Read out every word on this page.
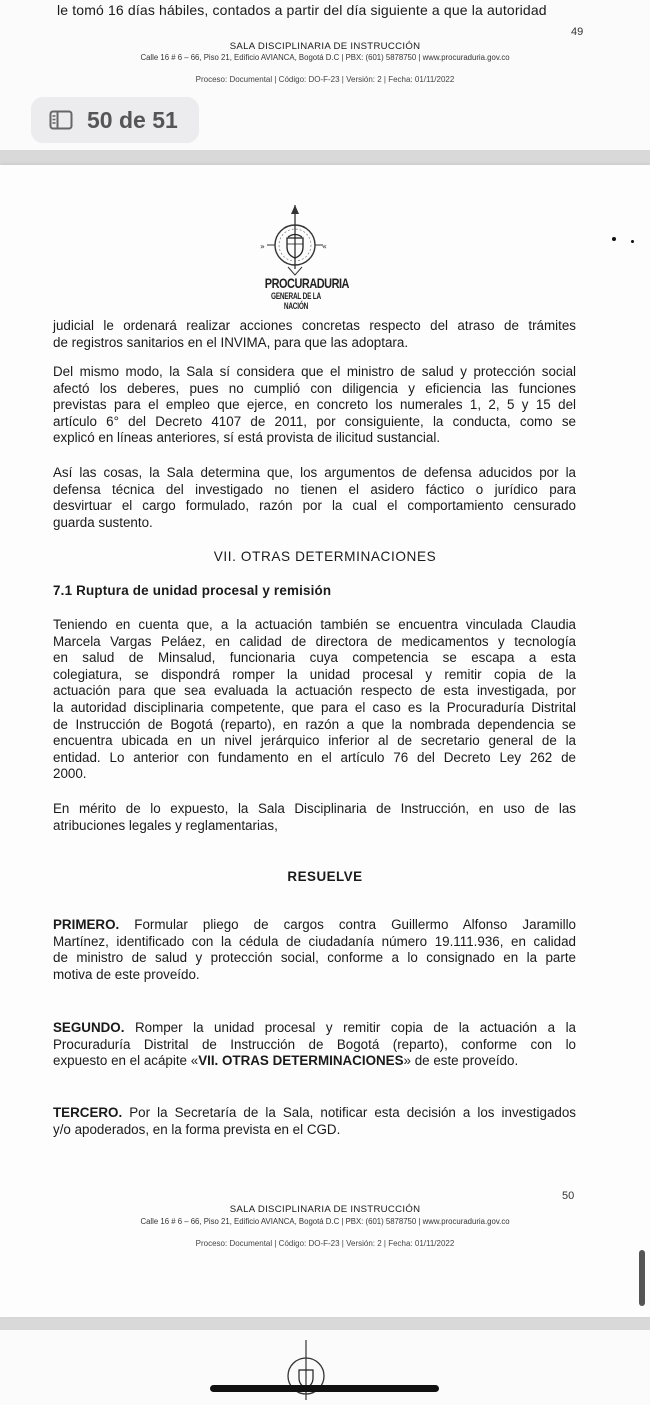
le tomó 16 días hábiles, contados a partir del día siguiente a que la autoridad
49
SALA DISCIPLINARIA DE INSTRUCCIÓN
Calle 16 # 6 – 66, Piso 21, Edificio AVIANCA, Bogotá D.C | PBX: (601) 5878750 | www.procuraduria.gov.co
Proceso: Documental | Código: DO-F-23 | Versión: 2 | Fecha: 01/11/2022
50 de 51
»	«
PROCURADURIA
GENERAL DE LA NACIÓN
judicial le ordenará realizar acciones concretas respecto del atraso de trámites
de registros sanitarios en el INVIMA, para que las adoptara.
Del mismo modo, la Sala sí considera que el ministro de salud y protección social
afectó los deberes, pues no cumplió con diligencia y eficiencia las funciones
previstas para el empleo que ejerce, en concreto los numerales 1, 2, 5 y 15 del
artículo 6° del Decreto 4107 de 2011, por consiguiente, la conducta, como se
explicó en líneas anteriores, sí está provista de ilicitud sustancial.
Así las cosas, la Sala determina que, los argumentos de defensa aducidos por la
defensa técnica del investigado no tienen el asidero fáctico o jurídico para
desvirtuar el cargo formulado, razón por la cual el comportamiento censurado
guarda sustento.
VII. OTRAS DETERMINACIONES
7.1 Ruptura de unidad procesal y remisión
Teniendo en cuenta que, a la actuación también se encuentra vinculada Claudia
Marcela Vargas Peláez, en calidad de directora de medicamentos y tecnología
en salud de Minsalud, funcionaria cuya competencia se escapa a esta
colegiatura, se dispondrá romper la unidad procesal y remitir copia de la
actuación para que sea evaluada la actuación respecto de esta investigada, por
la autoridad disciplinaria competente, que para el caso es la Procuraduría Distrital
de Instrucción de Bogotá (reparto), en razón a que la nombrada dependencia se
encuentra ubicada en un nivel jerárquico inferior al de secretario general de la
entidad. Lo anterior con fundamento en el artículo 76 del Decreto Ley 262 de
2000.
En mérito de lo expuesto, la Sala Disciplinaria de Instrucción, en uso de las
atribuciones legales y reglamentarias,
RESUELVE
PRIMERO. Formular pliego de cargos contra Guillermo Alfonso Jaramillo
Martínez, identificado con la cédula de ciudadanía número 19.111.936, en calidad
de ministro de salud y protección social, conforme a lo consignado en la parte
motiva de este proveído.
SEGUNDO. Romper la unidad procesal y remitir copia de la actuación a la
Procuraduría Distrital de Instrucción de Bogotá (reparto), conforme con lo
expuesto en el acápite «VII. OTRAS DETERMINACIONES» de este proveído.
TERCERO. Por la Secretaría de la Sala, notificar esta decisión a los investigados
y/o apoderados, en la forma prevista en el CGD.
50
SALA DISCIPLINARIA DE INSTRUCCIÓN
Calle 16 # 6 – 66, Piso 21, Edificio AVIANCA, Bogotá D.C | PBX: (601) 5878750 | www.procuraduria.gov.co
Proceso: Documental | Código: DO-F-23 | Versión: 2 | Fecha: 01/11/2022
